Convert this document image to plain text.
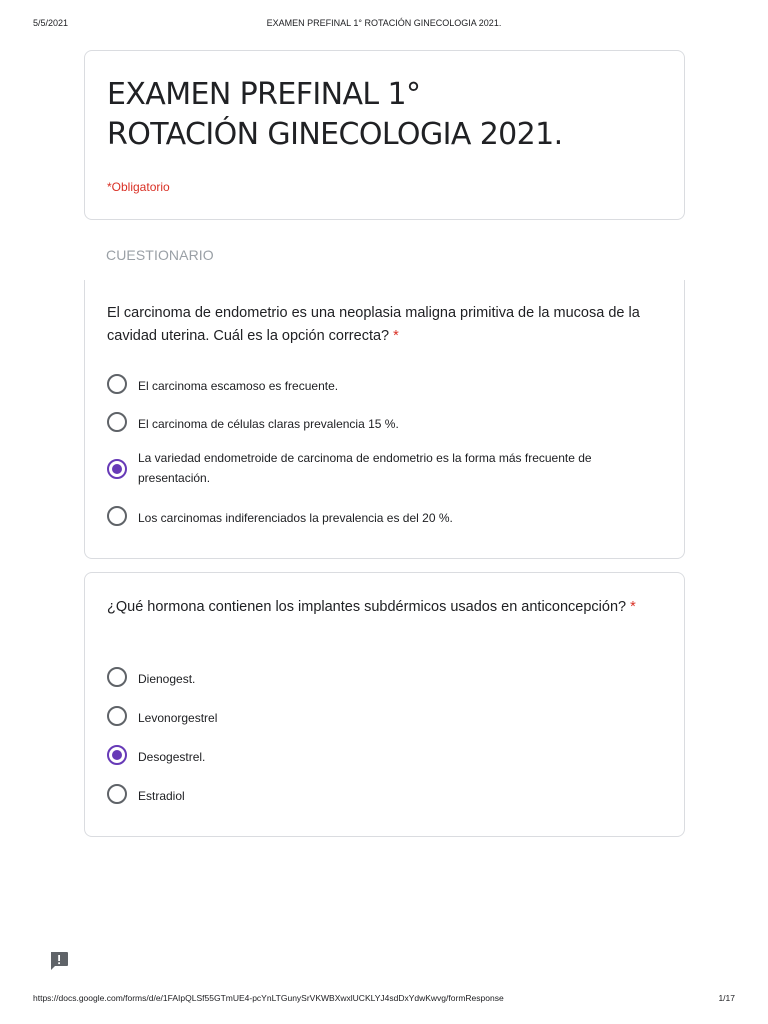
5/5/2021	EXAMEN PREFINAL 1° ROTACIÓN GINECOLOGIA 2021.
EXAMEN PREFINAL 1° ROTACIÓN GINECOLOGIA 2021.
*Obligatorio
CUESTIONARIO
El carcinoma de endometrio es una neoplasia maligna primitiva de la mucosa de la cavidad uterina. Cuál es la opción correcta? *
El carcinoma escamoso es frecuente.
El carcinoma de células claras prevalencia 15 %.
La variedad endometroide de carcinoma de endometrio es la forma más frecuente de presentación.
Los carcinomas indiferenciados la prevalencia es del 20 %.
¿Qué hormona contienen los implantes subdérmicos usados en anticoncepción? *
Dienogest.
Levonorgestrel
Desogestrel.
Estradiol
https://docs.google.com/forms/d/e/1FAIpQLSf55GTmUE4-pcYnLTGunySrVKWBXwxlUCKLYJ4sdDxYdwKwvg/formResponse	1/17
